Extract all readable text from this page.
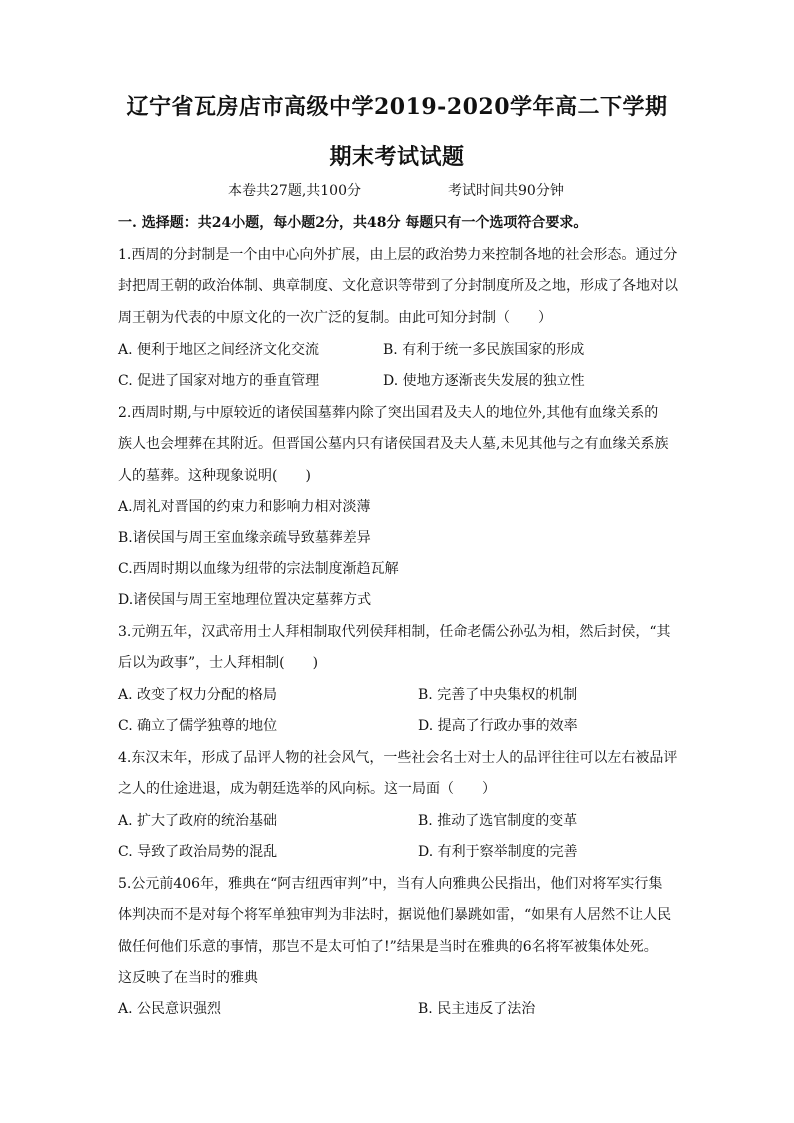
辽宁省瓦房店市高级中学2019-2020学年高二下学期
期末考试试题
本卷共27题,共100分	考试时间共90分钟
一. 选择题：共24小题，每小题2分，共48分 每题只有一个选项符合要求。
1.西周的分封制是一个由中心向外扩展，由上层的政治势力来控制各地的社会形态。通过分
封把周王朝的政治体制、典章制度、文化意识等带到了分封制度所及之地，形成了各地对以
周王朝为代表的中原文化的一次广泛的复制。由此可知分封制（　　）
A. 便利于地区之间经济文化交流	B. 有利于统一多民族国家的形成
C. 促进了国家对地方的垂直管理	D. 使地方逐渐丧失发展的独立性
2.西周时期,与中原较近的诸侯国墓葬内除了突出国君及夫人的地位外,其他有血缘关系的
族人也会埋葬在其附近。但晋国公墓内只有诸侯国君及夫人墓,未见其他与之有血缘关系族
人的墓葬。这种现象说明(　　)
A.周礼对晋国的约束力和影响力相对淡薄
B.诸侯国与周王室血缘亲疏导致墓葬差异
C.西周时期以血缘为纽带的宗法制度渐趋瓦解
D.诸侯国与周王室地理位置决定墓葬方式
3.元朔五年，汉武帝用士人拜相制取代列侯拜相制，任命老儒公孙弘为相，然后封侯，“其
后以为政事”，士人拜相制(　　)
A. 改变了权力分配的格局	B. 完善了中央集权的机制
C. 确立了儒学独尊的地位	D. 提高了行政办事的效率
4.东汉末年，形成了品评人物的社会风气，一些社会名士对士人的品评往往可以左右被品评
之人的仕途进退，成为朝廷选举的风向标。这一局面（　　）
A. 扩大了政府的统治基础	B. 推动了选官制度的变革
C. 导致了政治局势的混乱	D. 有利于察举制度的完善
5.公元前406年，雅典在“阿吉纽西审判”中，当有人向雅典公民指出，他们对将军实行集
体判决而不是对每个将军单独审判为非法时，据说他们暴跳如雷，“如果有人居然不让人民
做任何他们乐意的事情，那岂不是太可怕了!”结果是当时在雅典的6名将军被集体处死。
这反映了在当时的雅典
A. 公民意识强烈	B. 民主违反了法治
